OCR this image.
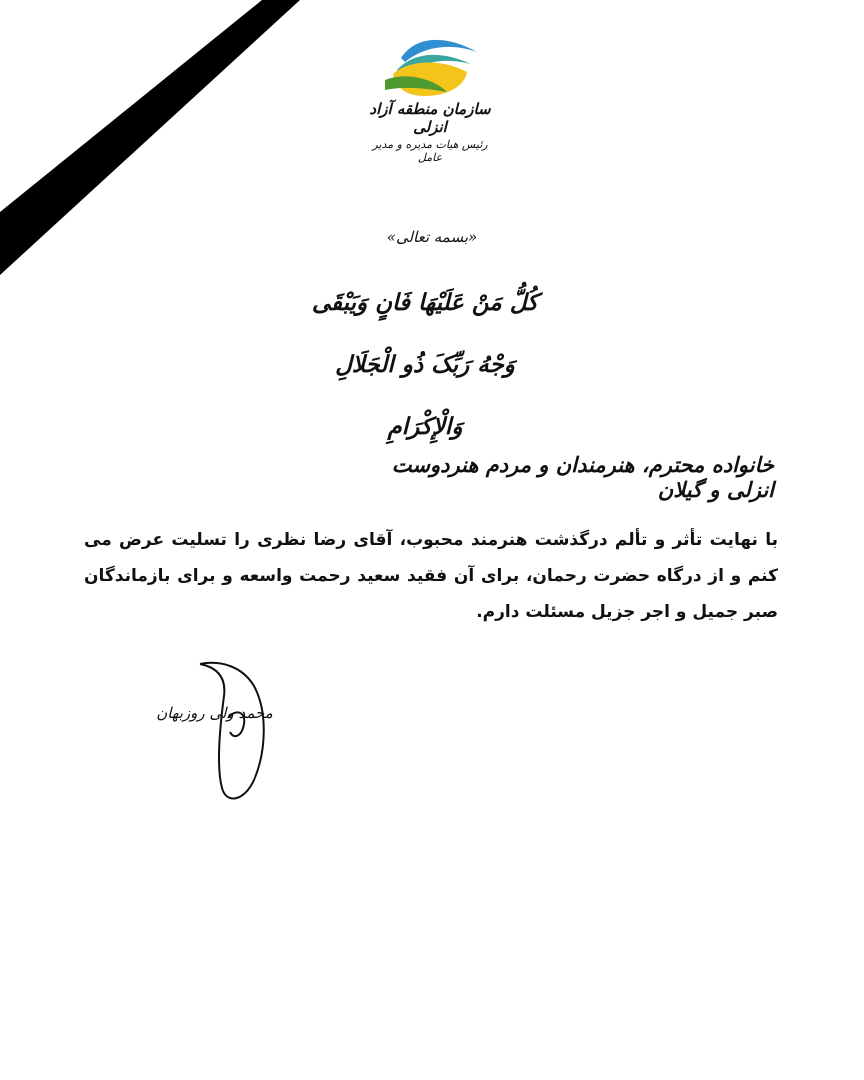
سازمان منطقه آزاد انزلی
رئیس هیات مدیره و مدیر عامل
«بسمه تعالی»
کُلُّ مَنْ عَلَیْهَا فَانٍ وَیَبْقَی وَجْهُ رَبِّکَ ذُو الْجَلَالِ وَالْإِکْرَامِ
خانواده محترم، هنرمندان و مردم هنردوست انزلی و گیلان
با نهایت تأثر و تألم درگذشت هنرمند محبوب، آقای رضا نظری را تسلیت عرض می کنم و از درگاه حضرت رحمان، برای آن فقید سعید رحمت واسعه و برای بازماندگان صبر جمیل و اجر جزیل مسئلت دارم.
محمد ولی روزبهان
